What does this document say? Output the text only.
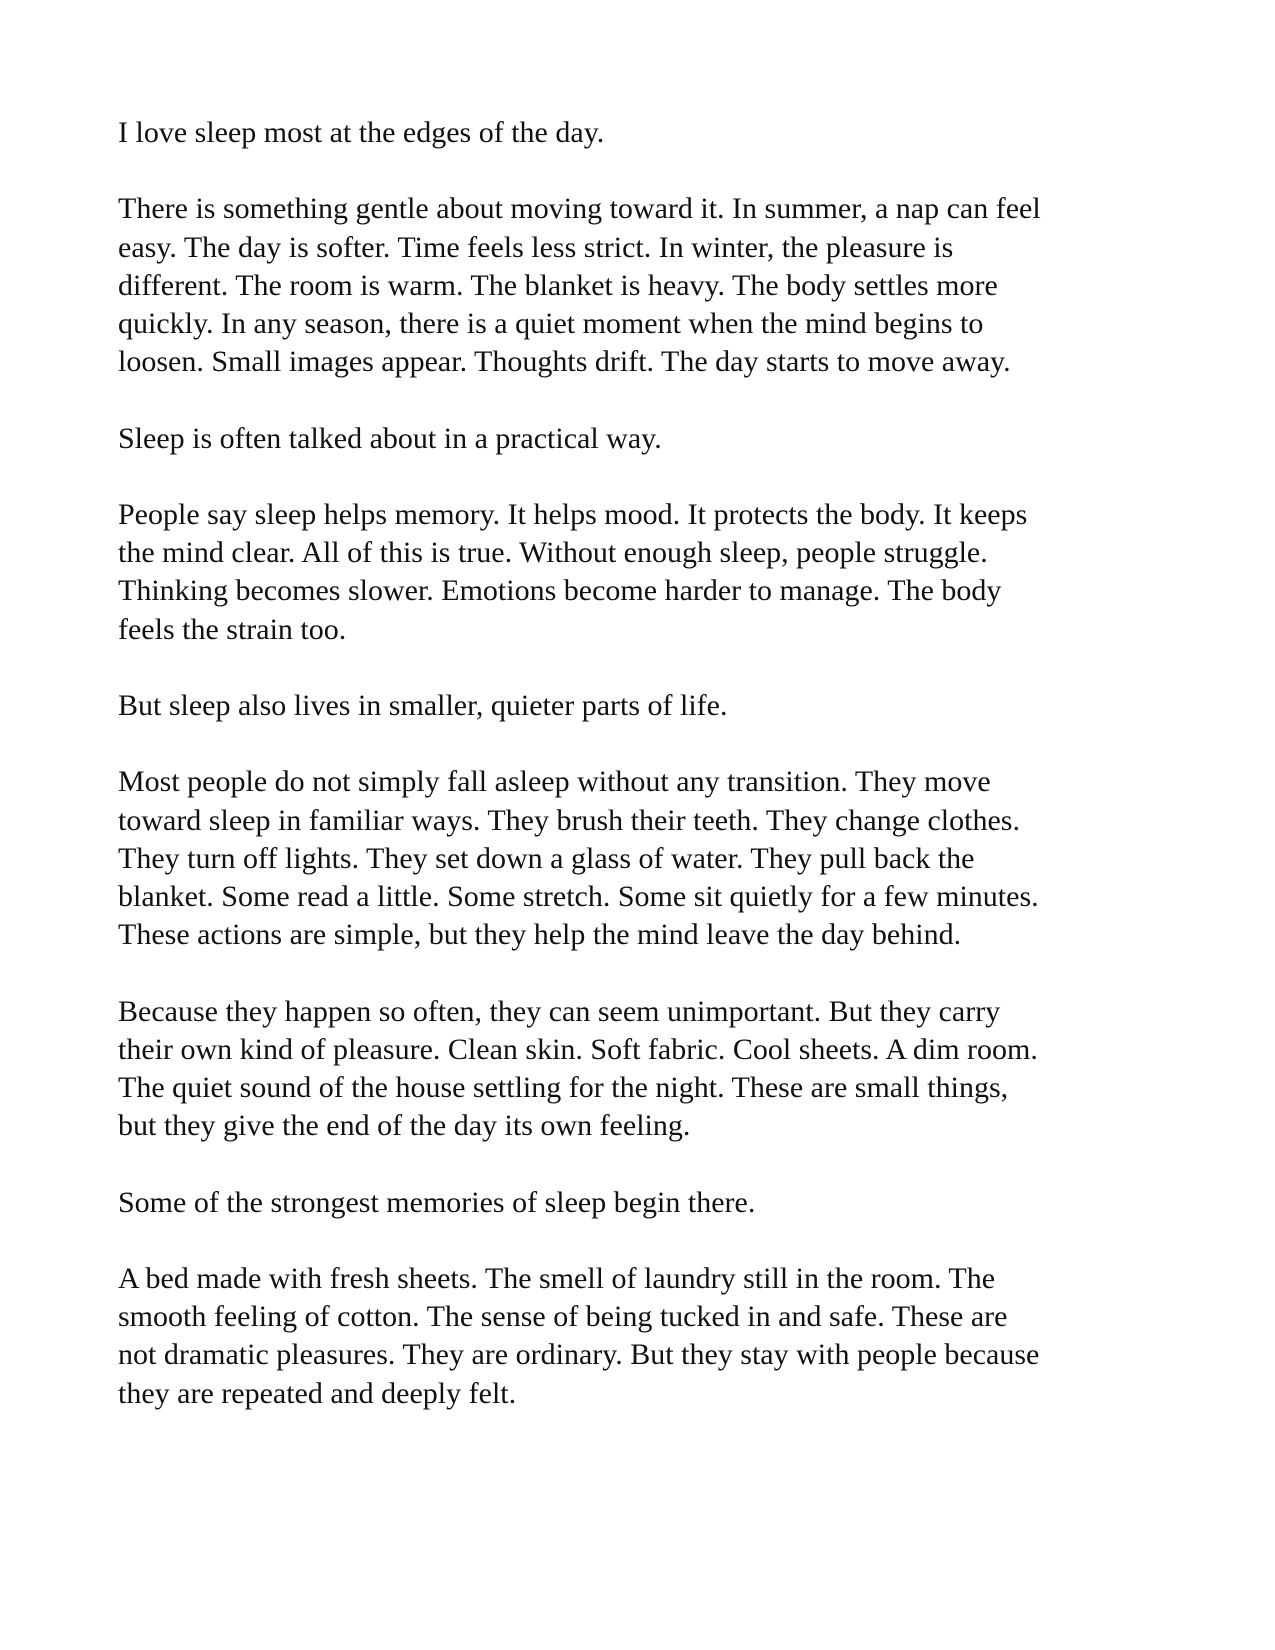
I love sleep most at the edges of the day.

There is something gentle about moving toward it. In summer, a nap can feel
easy. The day is softer. Time feels less strict. In winter, the pleasure is
different. The room is warm. The blanket is heavy. The body settles more
quickly. In any season, there is a quiet moment when the mind begins to
loosen. Small images appear. Thoughts drift. The day starts to move away.

Sleep is often talked about in a practical way.

People say sleep helps memory. It helps mood. It protects the body. It keeps
the mind clear. All of this is true. Without enough sleep, people struggle.
Thinking becomes slower. Emotions become harder to manage. The body
feels the strain too.

But sleep also lives in smaller, quieter parts of life.

Most people do not simply fall asleep without any transition. They move
toward sleep in familiar ways. They brush their teeth. They change clothes.
They turn off lights. They set down a glass of water. They pull back the
blanket. Some read a little. Some stretch. Some sit quietly for a few minutes.
These actions are simple, but they help the mind leave the day behind.

Because they happen so often, they can seem unimportant. But they carry
their own kind of pleasure. Clean skin. Soft fabric. Cool sheets. A dim room.
The quiet sound of the house settling for the night. These are small things,
but they give the end of the day its own feeling.

Some of the strongest memories of sleep begin there.

A bed made with fresh sheets. The smell of laundry still in the room. The
smooth feeling of cotton. The sense of being tucked in and safe. These are
not dramatic pleasures. They are ordinary. But they stay with people because
they are repeated and deeply felt.
